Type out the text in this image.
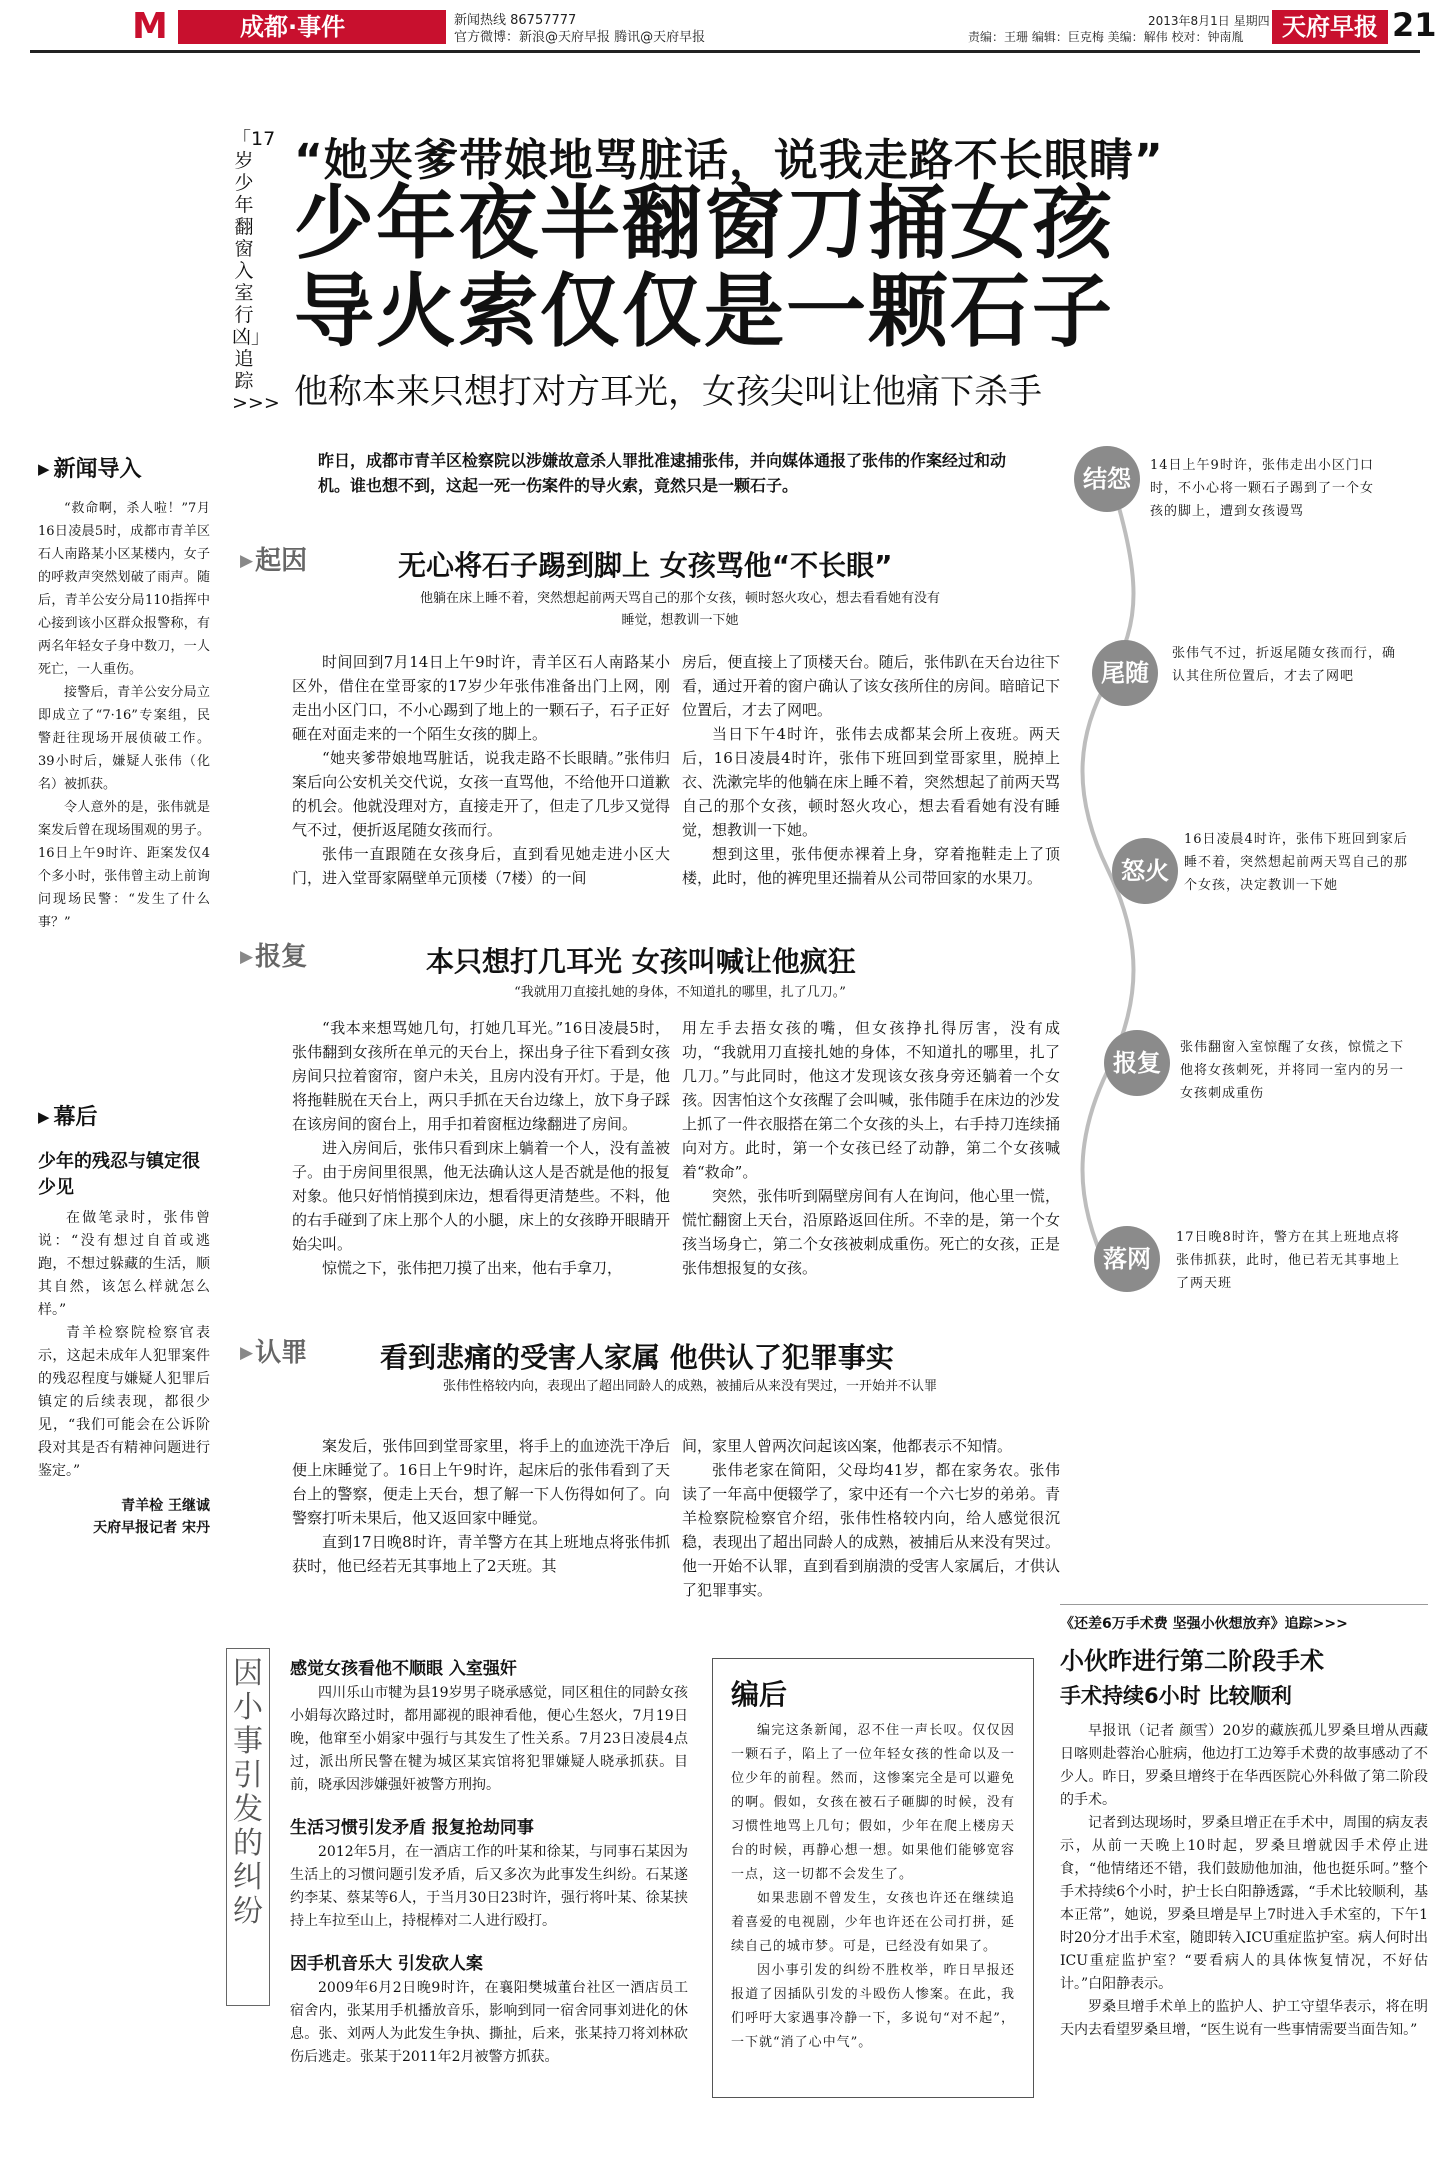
M	成都·事件	新闻热线 86757777
官方微博：新浪@天府早报 腾讯@天府早报
2013年8月1日 星期四
责编：王珊 编辑：巨克梅 美编：解伟 校对：钟南胤	天府早报 21
「17岁少年翻窗入室行凶」追踪>>>
“她夹爹带娘地骂脏话，说我走路不长眼睛”
少年夜半翻窗刀捅女孩
导火索仅仅是一颗石子
他称本来只想打对方耳光，女孩尖叫让他痛下杀手
昨日，成都市青羊区检察院以涉嫌故意杀人罪批准逮捕张伟，并向媒体通报了张伟的作案经过和动机。谁也想不到，这起一死一伤案件的导火索，竟然只是一颗石子。
▶ 新闻导入

“救命啊，杀人啦！”7月16日凌晨5时，成都市青羊区石人南路某小区某楼内，女子的呼救声突然划破了雨声。随后，青羊公安分局110指挥中心接到该小区群众报警称，有两名年轻女子身中数刀，一人死亡，一人重伤。

接警后，青羊公安分局立即成立了“7·16”专案组，民警赶往现场开展侦破工作。39小时后，嫌疑人张伟（化名）被抓获。

令人意外的是，张伟就是案发后曾在现场围观的男子。16日上午9时许、距案发仅4个多小时，张伟曾主动上前询问现场民警：“发生了什么事？”

▶ 幕后
少年的残忍与镇定很少见

在做笔录时，张伟曾说：“没有想过自首或逃跑，不想过躲藏的生活，顺其自然，该怎么样就怎么样。”

青羊检察院检察官表示，这起未成年人犯罪案件的残忍程度与嫌疑人犯罪后镇定的后续表现，都很少见，“我们可能会在公诉阶段对其是否有精神问题进行鉴定。”

青羊检 王继诚
天府早报记者 宋丹
▶ 起因	无心将石子踢到脚上 女孩骂他“不长眼”
他躺在床上睡不着，突然想起前两天骂自己的那个女孩，顿时怒火攻心，想去看看她有没有睡觉，想教训一下她

时间回到7月14日上午9时许，青羊区石人南路某小区外，借住在堂哥家的17岁少年张伟准备出门上网，刚走出小区门口，不小心踢到了地上的一颗石子，石子正好砸在对面走来的一个陌生女孩的脚上。

“她夹爹带娘地骂脏话，说我走路不长眼睛。”张伟归案后向公安机关交代说，女孩一直骂他，不给他开口道歉的机会。他就没理对方，直接走开了，但走了几步又觉得气不过，便折返尾随女孩而行。

张伟一直跟随在女孩身后，直到看见她走进小区大门，进入堂哥家隔壁单元顶楼（7楼）的一间

房后，便直接上了顶楼天台。随后，张伟趴在天台边往下看，通过开着的窗户确认了该女孩所住的房间。暗暗记下位置后，才去了网吧。

当日下午4时许，张伟去成都某会所上夜班。两天后，16日凌晨4时许，张伟下班回到堂哥家里，脱掉上衣、洗漱完毕的他躺在床上睡不着，突然想起了前两天骂自己的那个女孩，顿时怒火攻心，想去看看她有没有睡觉，想教训一下她。

想到这里，张伟便赤裸着上身，穿着拖鞋走上了顶楼，此时，他的裤兜里还揣着从公司带回家的水果刀。

▶ 报复	本只想打几耳光 女孩叫喊让他疯狂
“我就用刀直接扎她的身体，不知道扎的哪里，扎了几刀。”

“我本来想骂她几句，打她几耳光。”16日凌晨5时，张伟翻到女孩所在单元的天台上，探出身子往下看到女孩房间只拉着窗帘，窗户未关，且房内没有开灯。于是，他将拖鞋脱在天台上，两只手抓在天台边缘上，放下身子踩在该房间的窗台上，用手扣着窗框边缘翻进了房间。

进入房间后，张伟只看到床上躺着一个人，没有盖被子。由于房间里很黑，他无法确认这人是否就是他的报复对象。他只好悄悄摸到床边，想看得更清楚些。不料，他的右手碰到了床上那个人的小腿，床上的女孩睁开眼睛开始尖叫。

惊慌之下，张伟把刀摸了出来，他右手拿刀，

用左手去捂女孩的嘴，但女孩挣扎得厉害，没有成功，“我就用刀直接扎她的身体，不知道扎的哪里，扎了几刀。”与此同时，他这才发现该女孩身旁还躺着一个女孩。因害怕这个女孩醒了会叫喊，张伟随手在床边的沙发上抓了一件衣服搭在第二个女孩的头上，右手持刀连续捅向对方。此时，第一个女孩已经了动静，第二个女孩喊着“救命”。

突然，张伟听到隔壁房间有人在询问，他心里一慌，慌忙翻窗上天台，沿原路返回住所。不幸的是，第一个女孩当场身亡，第二个女孩被刺成重伤。死亡的女孩，正是张伟想报复的女孩。

▶ 认罪	看到悲痛的受害人家属 他供认了犯罪事实
张伟性格较内向，表现出了超出同龄人的成熟，被捕后从来没有哭过，一开始并不认罪

案发后，张伟回到堂哥家里，将手上的血迹洗干净后便上床睡觉了。16日上午9时许，起床后的张伟看到了天台上的警察，便走上天台，想了解一下人伤得如何了。向警察打听未果后，他又返回家中睡觉。

直到17日晚8时许，青羊警方在其上班地点将张伟抓获时，他已经若无其事地上了2天班。其

间，家里人曾两次问起该凶案，他都表示不知情。

张伟老家在简阳，父母均41岁，都在家务农。张伟读了一年高中便辍学了，家中还有一个六七岁的弟弟。青羊检察院检察官介绍，张伟性格较内向，给人感觉很沉稳，表现出了超出同龄人的成熟，被捕后从来没有哭过。他一开始不认罪，直到看到崩溃的受害人家属后，才供认了犯罪事实。

结怨	14日上午9时许，张伟走出小区门口时，不小心将一颗石子踢到了一个女孩的脚上，遭到女孩谩骂
尾随
张伟气不过，折返尾随女孩而行，确认其住所位置后，才去了网吧
怒火
16日凌晨4时许，张伟下班回到家后睡不着，突然想起前两天骂自己的那个女孩，决定教训一下她
报复
张伟翻窗入室惊醒了女孩，惊慌之下他将女孩刺死，并将同一室内的另一女孩刺成重伤
落网
17日晚8时许，警方在其上班地点将张伟抓获，此时，他已若无其事地上了两天班
因小事引发的纠纷
感觉女孩看他不顺眼 入室强奸

四川乐山市犍为县19岁男子晓承感觉，同区租住的同龄女孩小娟每次路过时，都用鄙视的眼神看他，便心生怒火，7月19日晚，他窜至小娟家中强行与其发生了性关系。7月23日凌晨4点过，派出所民警在犍为城区某宾馆将犯罪嫌疑人晓承抓获。目前，晓承因涉嫌强奸被警方刑拘。

生活习惯引发矛盾 报复抢劫同事

2012年5月，在一酒店工作的叶某和徐某，与同事石某因为生活上的习惯问题引发矛盾，后又多次为此事发生纠纷。石某遂约李某、蔡某等6人，于当月30日23时许，强行将叶某、徐某挟持上车拉至山上，持棍棒对二人进行殴打。

因手机音乐大 引发砍人案

2009年6月2日晚9时许，在襄阳樊城董台社区一酒店员工宿舍内，张某用手机播放音乐，影响到同一宿舍同事刘进化的休息。张、刘两人为此发生争执、撕扯，后来，张某持刀将刘林砍伤后逃走。张某于2011年2月被警方抓获。

编后

编完这条新闻，忍不住一声长叹。仅仅因一颗石子，陷上了一位年轻女孩的性命以及一位少年的前程。然而，这惨案完全是可以避免的啊。假如，女孩在被石子砸脚的时候，没有习惯性地骂上几句；假如，少年在爬上楼房天台的时候，再静心想一想。如果他们能够宽容一点，这一切都不会发生了。

如果悲剧不曾发生，女孩也许还在继续追着喜爱的电视剧，少年也许还在公司打拼，延续自己的城市梦。可是，已经没有如果了。

因小事引发的纠纷不胜枚举，昨日早报还报道了因插队引发的斗殴伤人惨案。在此，我们呼吁大家遇事冷静一下，多说句“对不起”，一下就“消了心中气”。

《还差6万手术费 坚强小伙想放弃》追踪>>>
小伙昨进行第二阶段手术
手术持续6小时 比较顺利

早报讯（记者 颜雪）20岁的藏族孤儿罗桑旦增从西藏日喀则赴蓉治心脏病，他边打工边筹手术费的故事感动了不少人。昨日，罗桑旦增终于在华西医院心外科做了第二阶段的手术。

记者到达现场时，罗桑旦增正在手术中，周围的病友表示，从前一天晚上10时起，罗桑旦增就因手术停止进食，“他情绪还不错，我们鼓励他加油，他也挺乐呵。”整个手术持续6个小时，护士长白阳静透露，“手术比较顺利，基本正常”，她说，罗桑旦增是早上7时进入手术室的，下午1时20分才出手术室，随即转入ICU重症监护室。病人何时出ICU重症监护室？“要看病人的具体恢复情况，不好估计。”白阳静表示。

罗桑旦增手术单上的监护人、护工守望华表示，将在明天内去看望罗桑旦增，“医生说有一些事情需要当面告知。”
